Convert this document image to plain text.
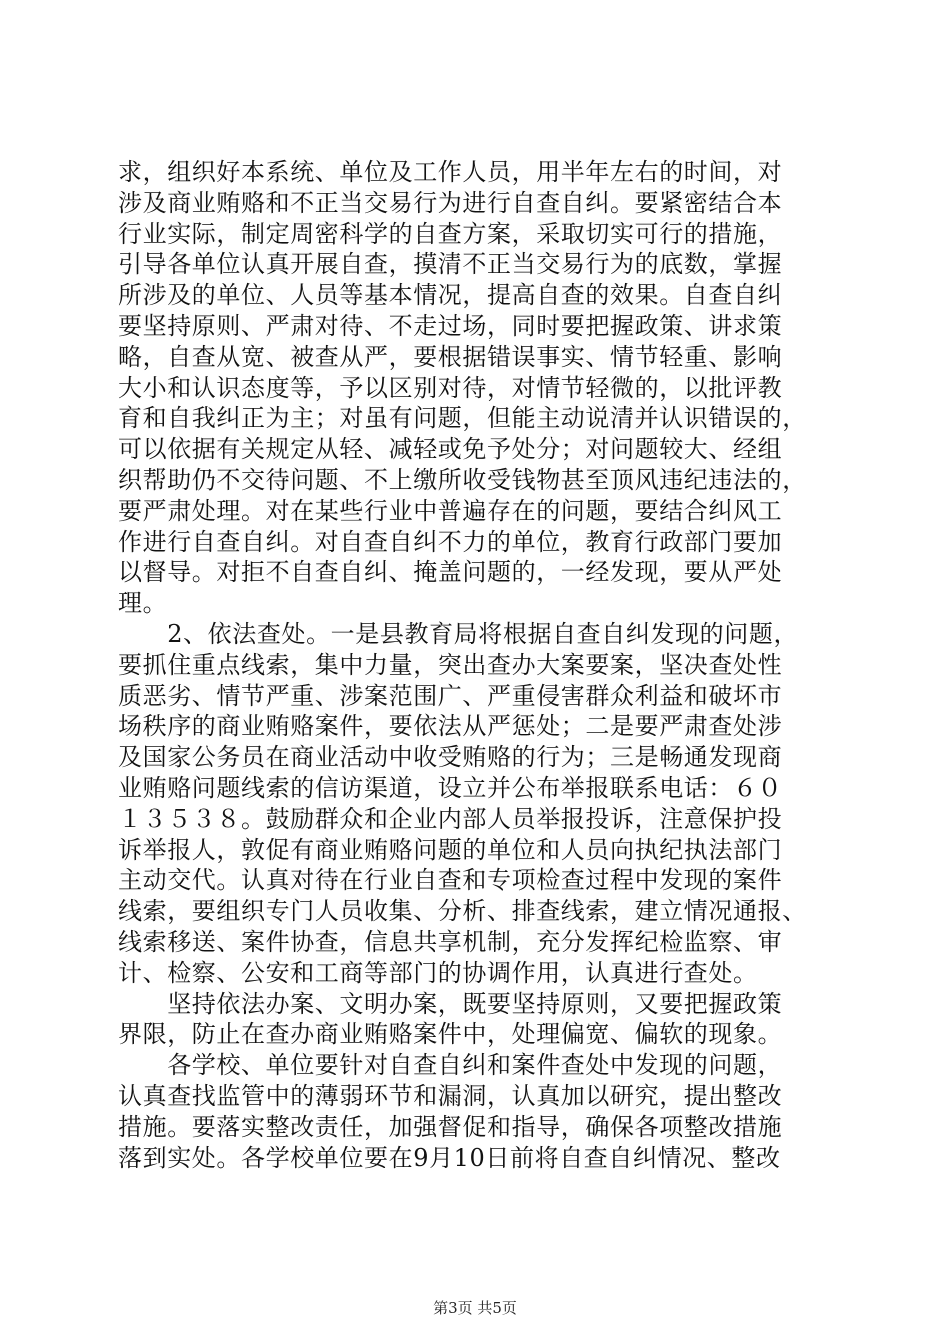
求，组织好本系统、单位及工作人员，用半年左右的时间，对
涉及商业贿赂和不正当交易行为进行自查自纠。要紧密结合本
行业实际，制定周密科学的自查方案，采取切实可行的措施，
引导各单位认真开展自查，摸清不正当交易行为的底数，掌握
所涉及的单位、人员等基本情况，提高自查的效果。自查自纠
要坚持原则、严肃对待、不走过场，同时要把握政策、讲求策
略，自查从宽、被查从严，要根据错误事实、情节轻重、影响
大小和认识态度等，予以区别对待，对情节轻微的，以批评教
育和自我纠正为主；对虽有问题，但能主动说清并认识错误的，
可以依据有关规定从轻、减轻或免予处分；对问题较大、经组
织帮助仍不交待问题、不上缴所收受钱物甚至顶风违纪违法的，
要严肃处理。对在某些行业中普遍存在的问题，要结合纠风工
作进行自查自纠。对自查自纠不力的单位，教育行政部门要加
以督导。对拒不自查自纠、掩盖问题的，一经发现，要从严处
理。
　　2、依法查处。一是县教育局将根据自查自纠发现的问题，
要抓住重点线索，集中力量，突出查办大案要案，坚决查处性
质恶劣、情节严重、涉案范围广、严重侵害群众利益和破坏市
场秩序的商业贿赂案件，要依法从严惩处；二是要严肃查处涉
及国家公务员在商业活动中收受贿赂的行为；三是畅通发现商
业贿赂问题线索的信访渠道，设立并公布举报联系电话：６０
１３５３８。鼓励群众和企业内部人员举报投诉，注意保护投
诉举报人，敦促有商业贿赂问题的单位和人员向执纪执法部门
主动交代。认真对待在行业自查和专项检查过程中发现的案件
线索，要组织专门人员收集、分析、排查线索，建立情况通报、
线索移送、案件协查，信息共享机制，充分发挥纪检监察、审
计、检察、公安和工商等部门的协调作用，认真进行查处。
　　坚持依法办案、文明办案，既要坚持原则，又要把握政策
界限，防止在查办商业贿赂案件中，处理偏宽、偏软的现象。
　　各学校、单位要针对自查自纠和案件查处中发现的问题，
认真查找监管中的薄弱环节和漏洞，认真加以研究，提出整改
措施。要落实整改责任，加强督促和指导，确保各项整改措施
落到实处。各学校单位要在9月10日前将自查自纠情况、整改
第3页 共5页
